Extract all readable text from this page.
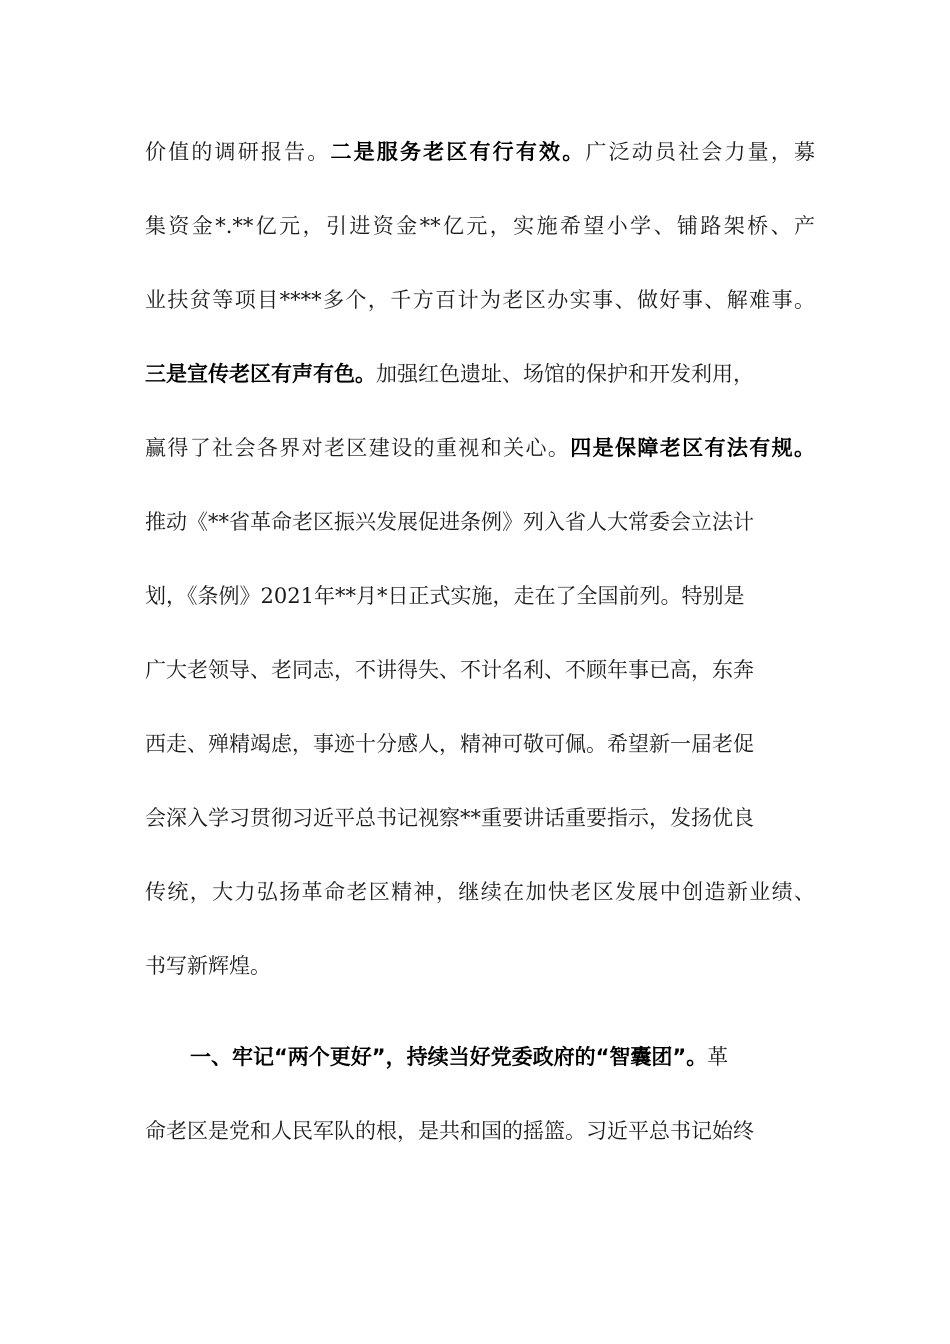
价值的调研报告。二是服务老区有行有效。广泛动员社会力量，募
集资金*.**亿元，引进资金**亿元，实施希望小学、铺路架桥、产
业扶贫等项目****多个，千方百计为老区办实事、做好事、解难事。
三是宣传老区有声有色。加强红色遗址、场馆的保护和开发利用，
赢得了社会各界对老区建设的重视和关心。四是保障老区有法有规。
推动《**省革命老区振兴发展促进条例》列入省人大常委会立法计
划，《条例》2021年**月*日正式实施，走在了全国前列。特别是
广大老领导、老同志，不讲得失、不计名利、不顾年事已高，东奔
西走、殚精竭虑，事迹十分感人，精神可敬可佩。希望新一届老促
会深入学习贯彻习近平总书记视察**重要讲话重要指示，发扬优良
传统，大力弘扬革命老区精神，继续在加快老区发展中创造新业绩、
书写新辉煌。
一、牢记“两个更好”，持续当好党委政府的“智囊团”。革
命老区是党和人民军队的根，是共和国的摇篮。习近平总书记始终
